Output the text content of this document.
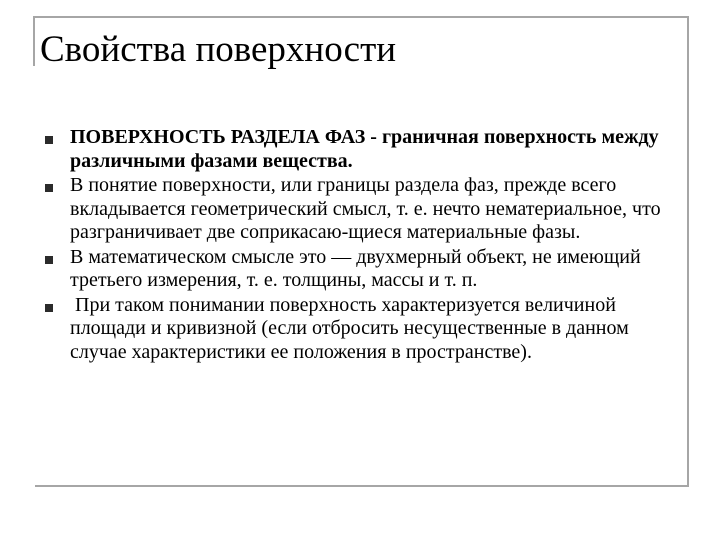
Свойства поверхности
ПОВЕРХНОСТЬ РАЗДЕЛА ФАЗ - граничная поверхность между различными фазами вещества.
В понятие поверхности, или границы раздела фаз, прежде всего вкладывается геометрический смысл, т. е. нечто нематериальное, что разграничивает две соприкасаю-щиеся материальные фазы.
В математическом смысле это — двухмерный объект, не имеющий третьего измерения, т. е. толщины, массы и т. п.
При таком понимании поверхность характеризуется величиной площади и кривизной (если отбросить несущественные в данном случае характеристики ее положения в пространстве).
